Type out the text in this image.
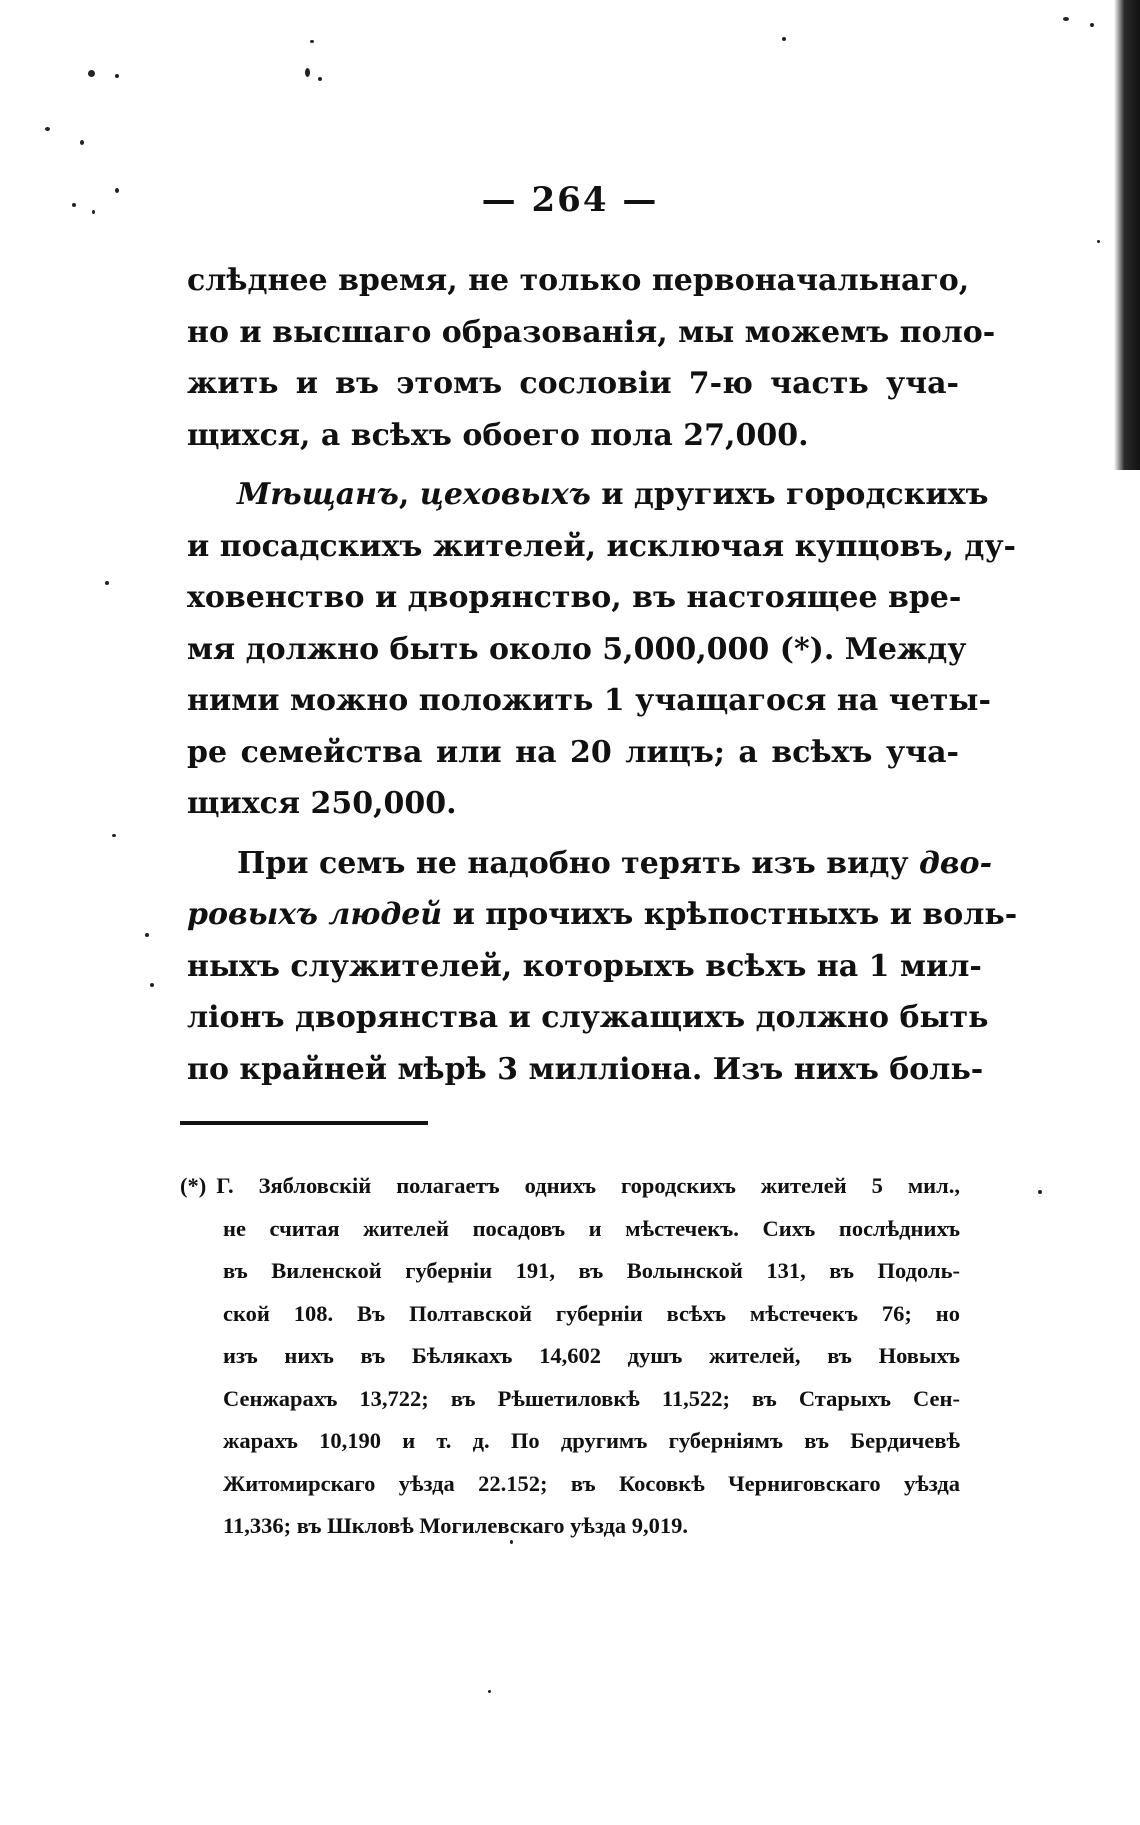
— 264 —
слѣднее время, не только первоначальнаго,
но и высшаго образованія, мы можемъ поло-
жить и въ этомъ сословіи 7-ю часть уча-
щихся, а всѣхъ обоего пола 27,000.
Мѣщанъ, цеховыхъ и другихъ городскихъ
и посадскихъ жителей, исключая купцовъ, ду-
ховенство и дворянство, въ настоящее вре-
мя должно быть около 5,000,000 (*). Между
ними можно положить 1 учащагося на четы-
ре семейства или на 20 лицъ; а всѣхъ уча-
щихся 250,000.
При семъ не надобно терять изъ виду дво-
ровыхъ людей и прочихъ крѣпостныхъ и воль-
ныхъ служителей, которыхъ всѣхъ на 1 мил-
ліонъ дворянства и служащихъ должно быть
по крайней мѣрѣ 3 милліона. Изъ нихъ боль-
(*) Г. Зябловскій полагаетъ однихъ городскихъ жителей 5 мил.,
не считая жителей посадовъ и мѣстечекъ. Сихъ послѣднихъ
въ Виленской губерніи 191, въ Волынской 131, въ Подоль-
ской 108. Въ Полтавской губерніи всѣхъ мѣстечекъ 76; но
изъ нихъ въ Бѣлякахъ 14,602 душъ жителей, въ Новыхъ
Сенжарахъ 13,722; въ Рѣшетиловкѣ 11,522; въ Старыхъ Сен-
жарахъ 10,190 и т. д. По другимъ губерніямъ въ Бердичевѣ
Житомирскаго уѣзда 22.152; въ Косовкѣ Черниговскаго уѣзда
11,336; въ Шкловѣ Могилевскаго уѣзда 9,019.
